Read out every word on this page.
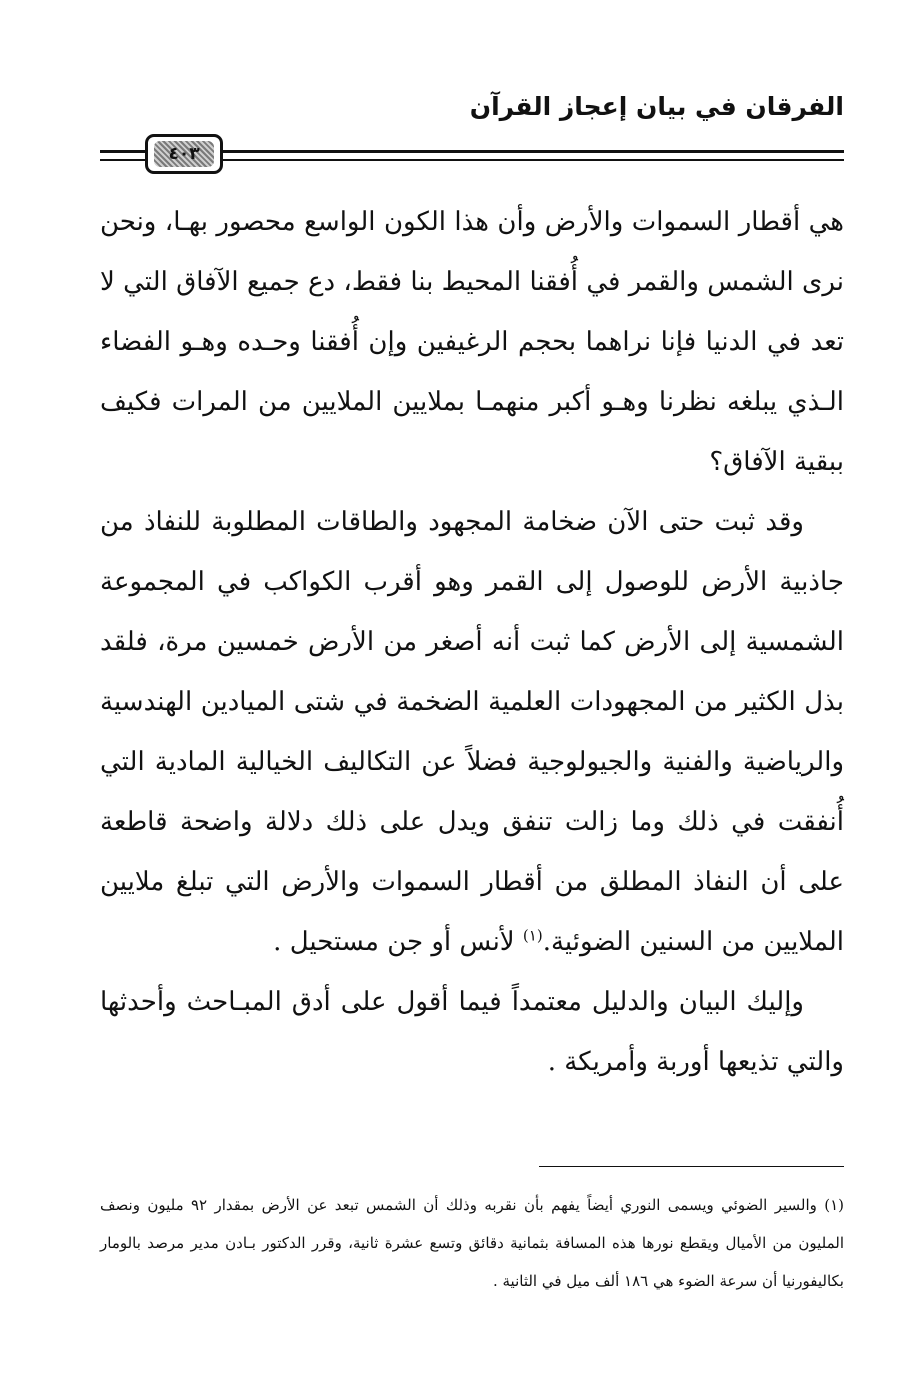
الفرقان في بيان إعجاز القرآن
٤٠٣

هي أقطار السموات والأرض وأن هذا الكون الواسع محصور بهـا، ونحن نرى الشمس والقمر في أُفقنا المحيط بنا فقط، دع جميع الآفاق التي لا تعد في الدنيا فإنا نراهما بحجم الرغيفين وإن أُفقنا وحـده وهـو الفضاء الـذي يبلغه نظرنا وهـو أكبر منهمـا بملايين الملايين من المرات فكيف ببقية الآفاق؟

وقد ثبت حتى الآن ضخامة المجهود والطاقات المطلوبة للنفاذ من جاذبية الأرض للوصول إلى القمر وهو أقرب الكواكب في المجموعة الشمسية إلى الأرض كما ثبت أنه أصغر من الأرض خمسين مرة، فلقد بذل الكثير من المجهودات العلمية الضخمة في شتى الميادين الهندسية والرياضية والفنية والجيولوجية فضلاً عن التكاليف الخيالية المادية التي أُنفقت في ذلك وما زالت تنفق ويدل على ذلك دلالة واضحة قاطعة على أن النفاذ المطلق من أقطار السموات والأرض التي تبلغ ملايين الملايين من السنين الضوئية.$^{(١)}$ لأنس أو جن مستحيل .

وإليك البيان والدليل معتمداً فيما أقول على أدق المبـاحث وأحدثها والتي تذيعها أوربة وأمريكة .

(١) والسير الضوئي ويسمى النوري أيضاً يفهم بأن نقربه وذلك أن الشمس تبعد عن الأرض بمقدار ٩٢ مليون ونصف المليون من الأميال ويقطع نورها هذه المسافة بثمانية دقائق وتسع عشرة ثانية، وقرر الدكتور بـادن مدير مرصد بالومار بكاليفورنيا أن سرعة الضوء هي ١٨٦ ألف ميل في الثانية .
